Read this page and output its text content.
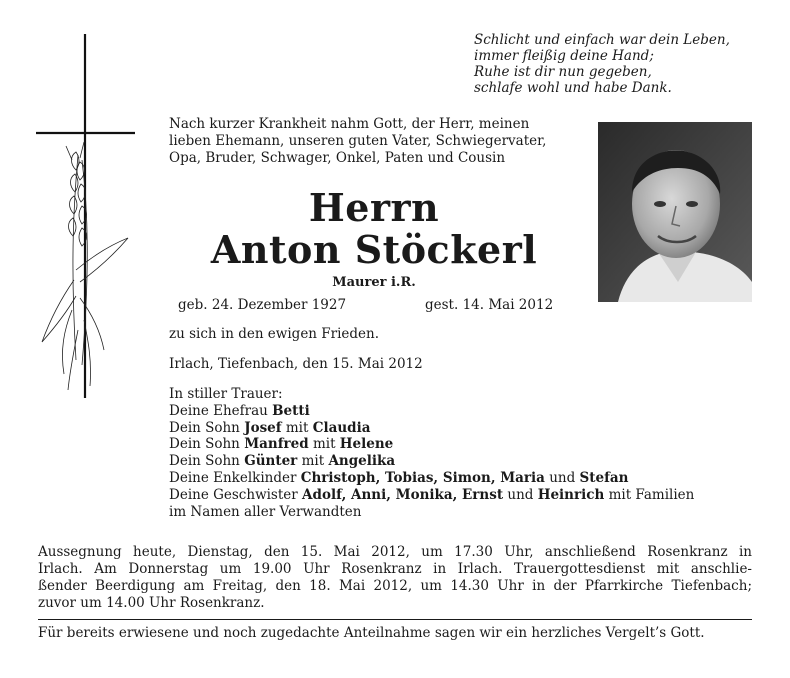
Schlicht und einfach war dein Leben,
immer fleißig deine Hand;
Ruhe ist dir nun gegeben,
schlafe wohl und habe Dank.
Nach kurzer Krankheit nahm Gott, der Herr, meinen
lieben Ehemann, unseren guten Vater, Schwiegervater,
Opa, Bruder, Schwager, Onkel, Paten und Cousin
Herrn
Anton Stöckerl
Maurer i.R.
geb. 24. Dezember 1927	gest. 14. Mai 2012
zu sich in den ewigen Frieden.
Irlach, Tiefenbach, den 15. Mai 2012
In stiller Trauer:
Deine Ehefrau Betti
Dein Sohn Josef mit Claudia
Dein Sohn Manfred mit Helene
Dein Sohn Günter mit Angelika
Deine Enkelkinder Christoph, Tobias, Simon, Maria und Stefan
Deine Geschwister Adolf, Anni, Monika, Ernst und Heinrich mit Familien
im Namen aller Verwandten
Aussegnung heute, Dienstag, den 15. Mai 2012, um 17.30 Uhr, anschließend Rosenkranz in
Irlach. Am Donnerstag um 19.00 Uhr Rosenkranz in Irlach. Trauergottesdienst mit anschlie-
ßender Beerdigung am Freitag, den 18. Mai 2012, um 14.30 Uhr in der Pfarrkirche Tiefenbach;
zuvor um 14.00 Uhr Rosenkranz.
Für bereits erwiesene und noch zugedachte Anteilnahme sagen wir ein herzliches Vergelt’s Gott.
